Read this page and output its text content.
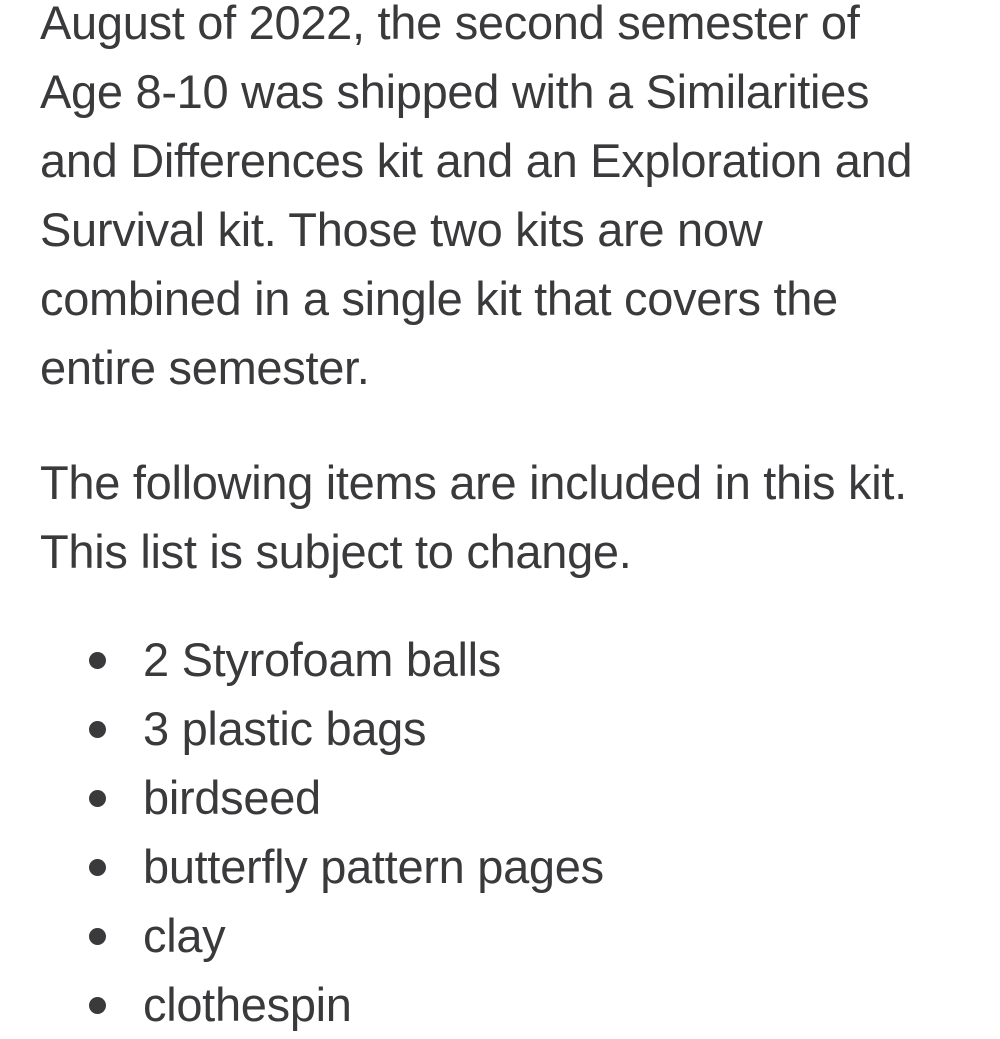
August of 2022, the second semester of
Age 8-10 was shipped with a Similarities
and Differences kit and an Exploration and
Survival kit. Those two kits are now
combined in a single kit that covers the
entire semester.

The following items are included in this kit.
This list is subject to change.

2 Styrofoam balls
3 plastic bags
birdseed
butterfly pattern pages
clay
clothespin
